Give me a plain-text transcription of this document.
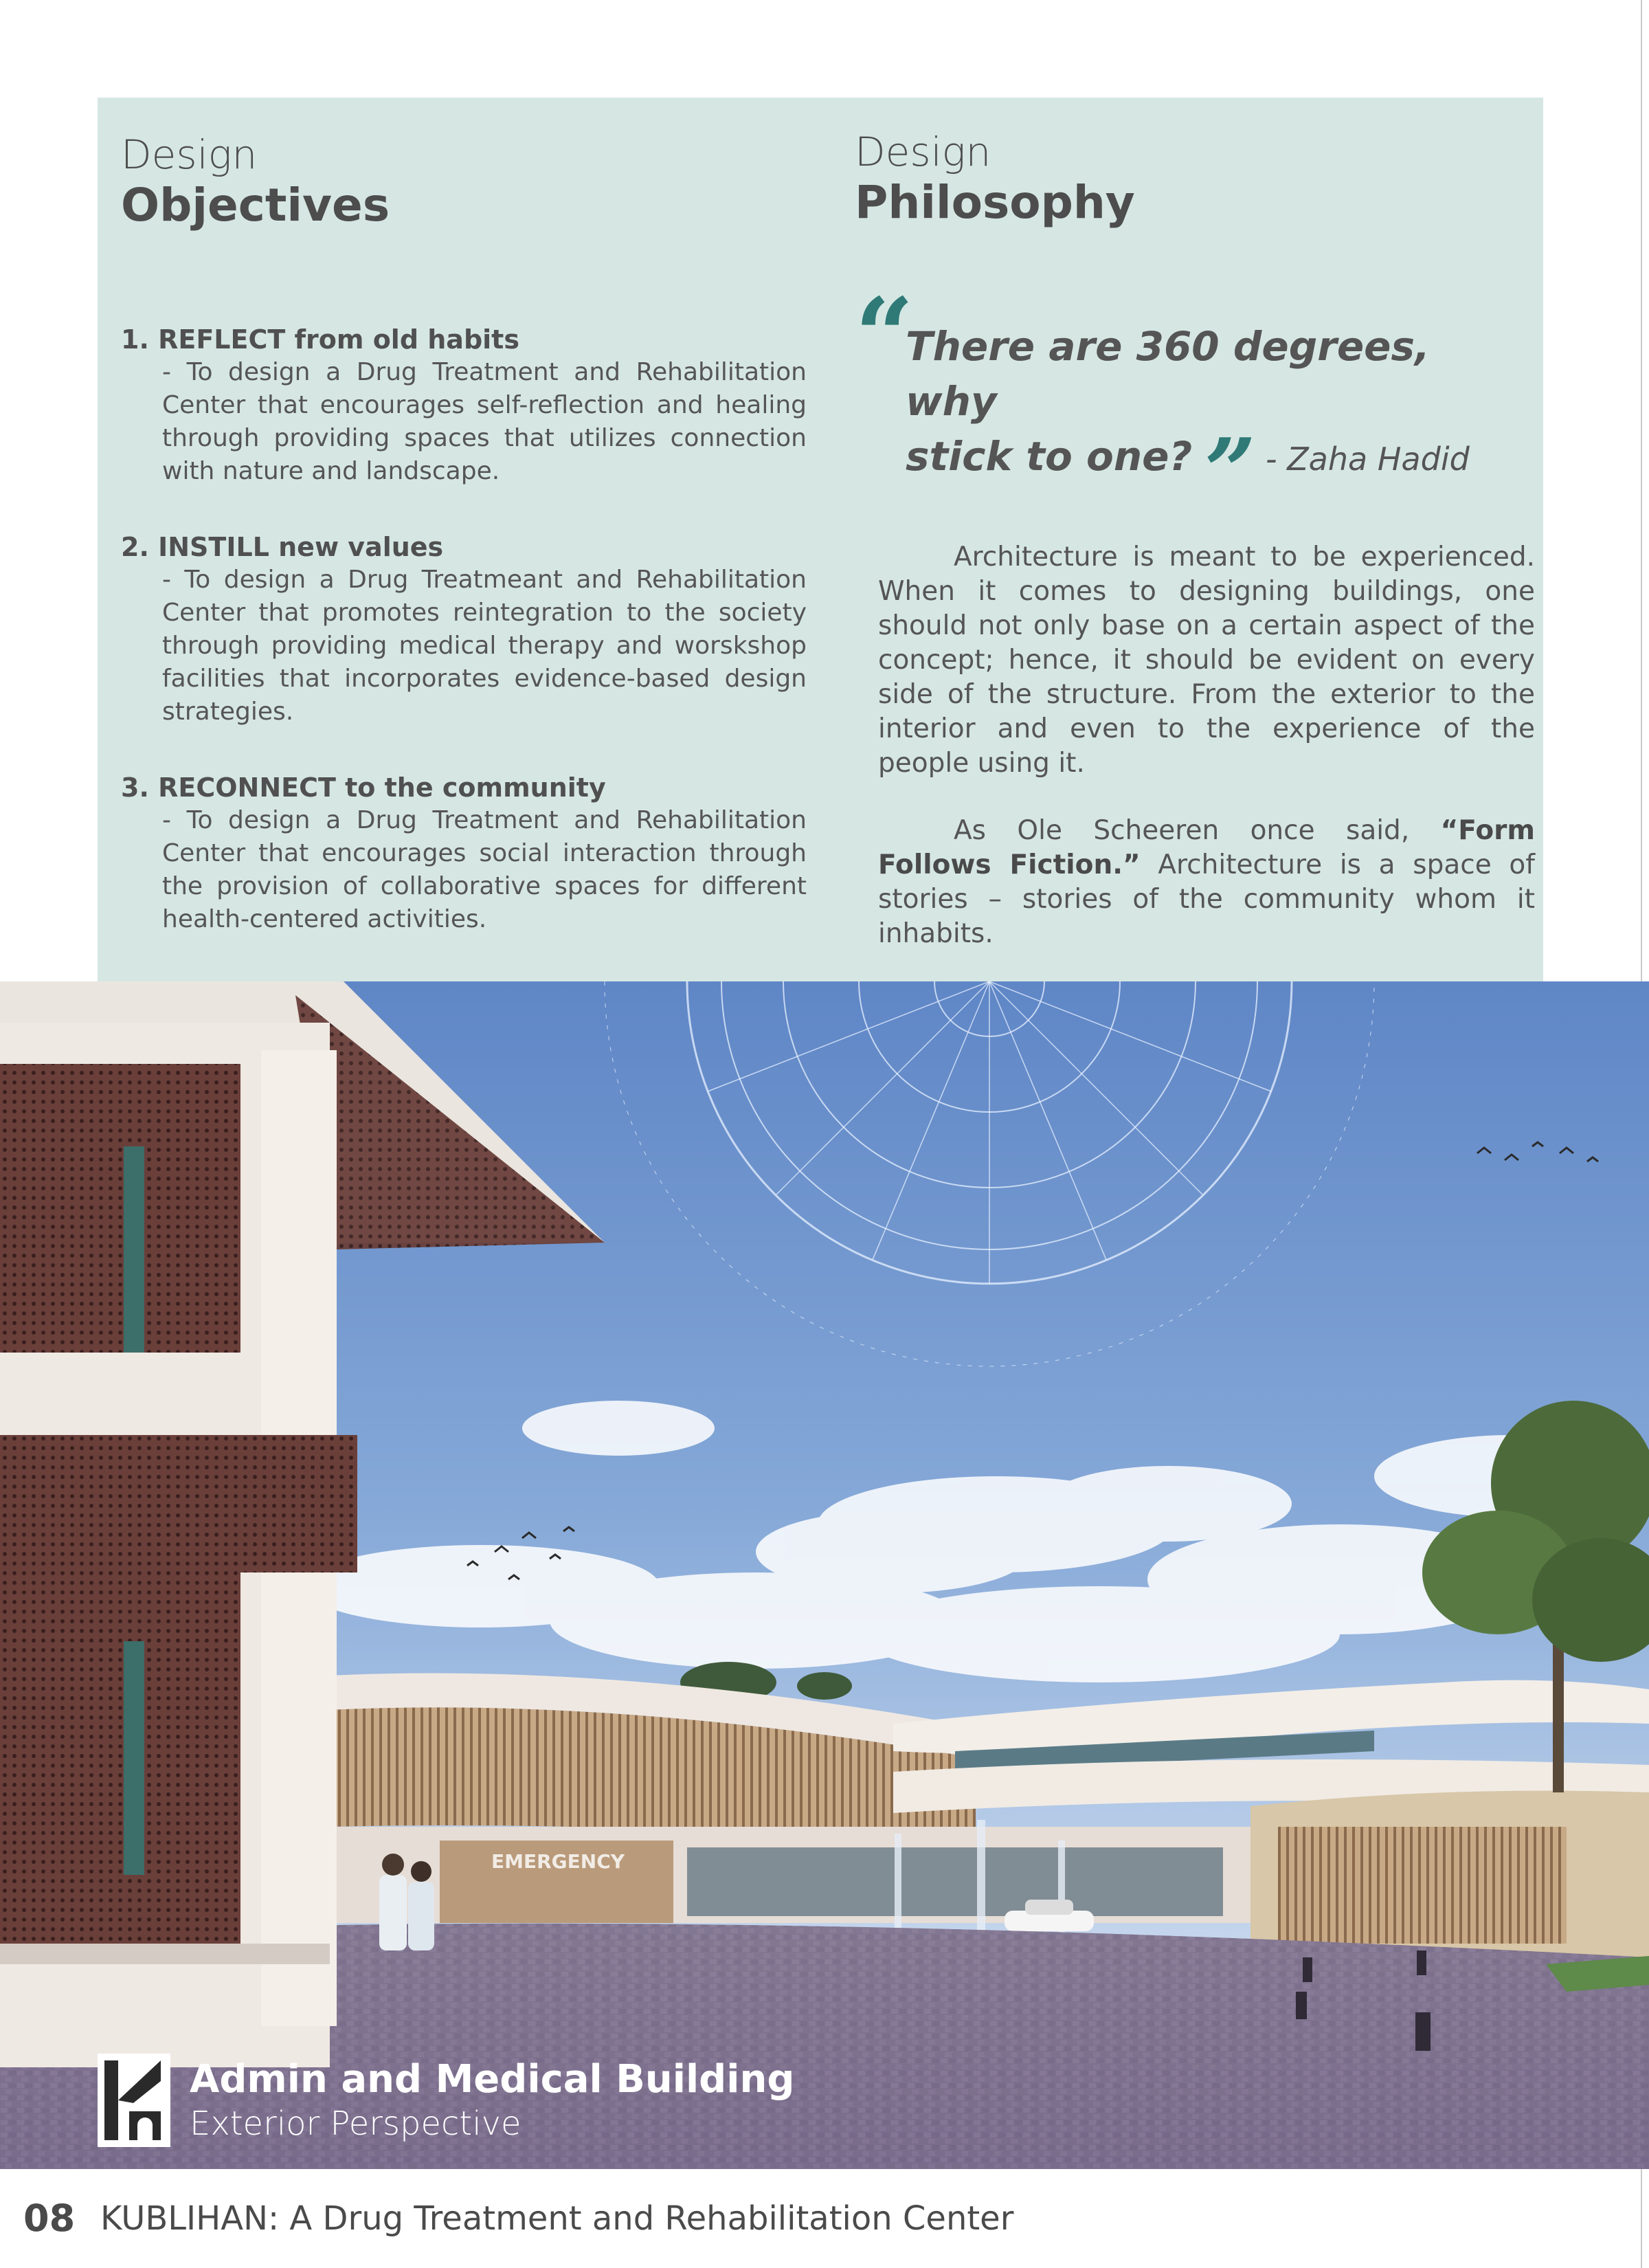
Design
Objectives
1. REFLECT from old habits
- To design a Drug Treatment and Rehabilitation Center that encourages self-reflection and healing through providing spaces that utilizes connection with nature and landscape.
2. INSTILL new values
- To design a Drug Treatmeant and Rehabilitation Center that promotes reintegration to the society through providing medical therapy and worskshop facilities that incorporates evidence-based design strategies.
3. RECONNECT to the community
- To design a Drug Treatment and Rehabilitation Center that encourages social interaction through the provision of collaborative spaces for different health-centered activities.
Design
Philosophy
“
There are 360 degrees, why
stick to one? ” - Zaha Hadid

Architecture is meant to be experienced. When it comes to designing buildings, one should not only base on a certain aspect of the concept; hence, it should be evident on every side of the structure. From the exterior to the interior and even to the experience of the people using it.

As Ole Scheeren once said, “Form Follows Fiction.” Architecture is a space of stories – stories of the community whom it inhabits.

EMERGENCY
Admin and Medical Building
Exterior Perspective
08 KUBLIHAN: A Drug Treatment and Rehabilitation Center
